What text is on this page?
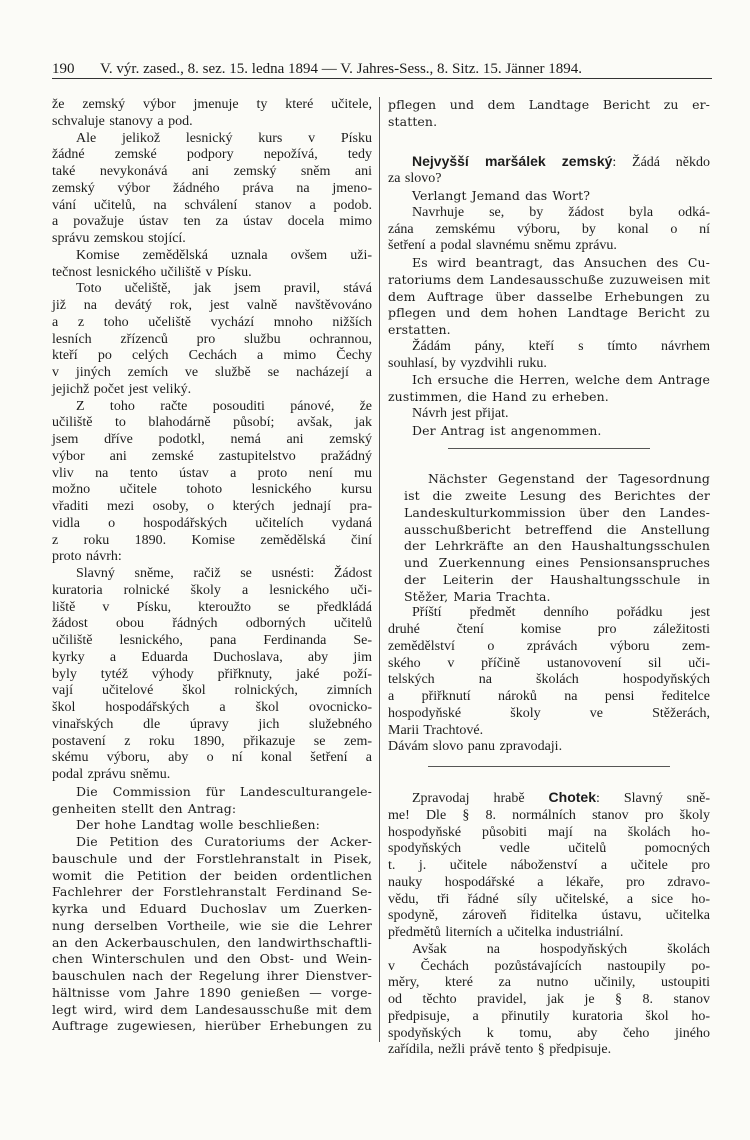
190	V. výr. zased., 8. sez. 15. ledna 1894 — V. Jahres-Sess., 8. Sitz. 15. Jänner 1894.
že zemský výbor jmenuje ty které učitele,
schvaluje stanovy a pod.
Ale jelikož lesnický kurs v Písku
žádné zemské podpory nepožívá, tedy
také nevykonává ani zemský sněm ani
zemský výbor žádného práva na jmeno-
vání učitelů, na schválení stanov a podob.
a považuje ústav ten za ústav docela mimo
správu zemskou stojící.
Komise zemědělská uznala ovšem uži-
tečnost lesnického učiliště v Písku.
Toto učeliště, jak jsem pravil, stává
již na devátý rok, jest valně navštěvováno
a z toho učeliště vychází mnoho nižších
lesních zřízenců pro službu ochrannou,
kteří po celých Cechách a mimo Čechy
v jiných zemích ve službě se nacházejí a
jejichž počet jest veliký.
Z toho račte posouditi pánové, že
učiliště to blahodárně působí; avšak, jak
jsem dříve podotkl, nemá ani zemský
výbor ani zemské zastupitelstvo pražádný
vliv na tento ústav a proto není mu
možno učitele tohoto lesnického kursu
vřaditi mezi osoby, o kterých jednají pra-
vidla o hospodářských učitelích vydaná
z roku 1890. Komise zemědělská činí
proto návrh:
Slavný sněme, račiž se usnésti: Žádost
kuratoria rolnické školy a lesnického uči-
liště v Písku, kteroužto se předkládá
žádost obou řádných odborných učitelů
učiliště lesnického, pana Ferdinanda Se-
kyrky a Eduarda Duchoslava, aby jim
byly tytéž výhody přiřknuty, jaké poží-
vají učitelové škol rolnických, zimních
škol hospodářských a škol ovocnicko-
vinařských dle úpravy jich služebného
postavení z roku 1890, přikazuje se zem-
skému výboru, aby o ní konal šetření a
podal zprávu sněmu.
Die Commission für Landesculturangele-
genheiten stellt den Antrag:
Der hohe Landtag wolle beschließen:
Die Petition des Curatoriums der Acker-
bauschule und der Forstlehranstalt in Pisek,
womit die Petition der beiden ordentlichen
Fachlehrer der Forstlehranstalt Ferdinand Se-
kyrka und Eduard Duchoslav um Zuerken-
nung derselben Vortheile, wie sie die Lehrer
an den Ackerbauschulen, den landwirthschaftli-
chen Winterschulen und den Obst- und Wein-
bauschulen nach der Regelung ihrer Dienstver-
hältnisse vom Jahre 1890 genießen — vorge-
legt wird, wird dem Landesausschuße mit dem
Auftrage zugewiesen, hierüber Erhebungen zu
pflegen und dem Landtage Bericht zu er-
statten.
Nejvyšší maršálek zemský: Žádá někdo
za slovo?
Verlangt Jemand das Wort?
Navrhuje se, by žádost byla odká-
zána zemskému výboru, by konal o ní
šetření a podal slavnému sněmu zprávu.
Es wird beantragt, das Ansuchen des Cu-
ratoriums dem Landesausschuße zuzuweisen mit
dem Auftrage über dasselbe Erhebungen zu
pflegen und dem hohen Landtage Bericht zu
erstatten.
Žádám pány, kteří s tímto návrhem
souhlasí, by vyzdvihli ruku.
Ich ersuche die Herren, welche dem Antrage
zustimmen, die Hand zu erheben.
Návrh jest přijat.
Der Antrag ist angenommen.
Nächster Gegenstand der Tagesordnung
ist die zweite Lesung des Berichtes der
Landeskulturkommission über den Landes-
ausschußbericht betreffend die Anstellung
der Lehrkräfte an den Haushaltungsschulen
und Zuerkennung eines Pensionsanspruches
der Leiterin der Haushaltungsschule in
Stěžer, Maria Trachta.
Příští předmět denního pořádku jest
druhé čtení komise pro záležitosti
zemědělství o zprávách výboru zem-
ského v příčině ustanovovení sil uči-
telských na školách hospodyňských
a přiřknutí nároků na pensi ředitelce
hospodyňské školy ve Stěžerách,
Marii Trachtové.
Dávám slovo panu zpravodaji.
Zpravodaj hrabě Chotek: Slavný sně-
me! Dle § 8. normálních stanov pro školy
hospodyňské působiti mají na školách ho-
spodyňských vedle učitelů pomocných
t. j. učitele náboženství a učitele pro
nauky hospodářské a lékaře, pro zdravo-
vědu, tři řádné síly učitelské, a sice ho-
spodyně, zároveň řiditelka ústavu, učitelka
předmětů literních a učitelka industriální.
Avšak na hospodyňských školách
v Čechách pozůstávajících nastoupily po-
měry, které za nutno učinily, ustoupiti
od těchto pravidel, jak je § 8. stanov
předpisuje, a přinutily kuratoria škol ho-
spodyňských k tomu, aby čeho jiného
zařídila, nežli právě tento § předpisuje.
